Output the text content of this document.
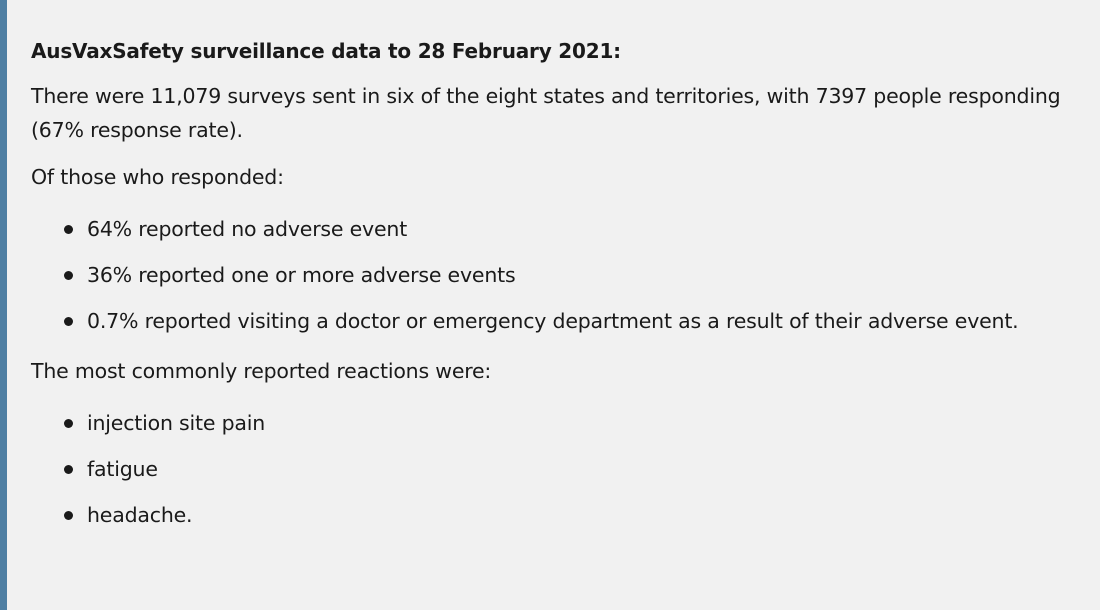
AusVaxSafety surveillance data to 28 February 2021:

There were 11,079 surveys sent in six of the eight states and territories, with 7397 people responding (67% response rate).

Of those who responded:

64% reported no adverse event
36% reported one or more adverse events
0.7% reported visiting a doctor or emergency department as a result of their adverse event.

The most commonly reported reactions were:

injection site pain
fatigue
headache.
